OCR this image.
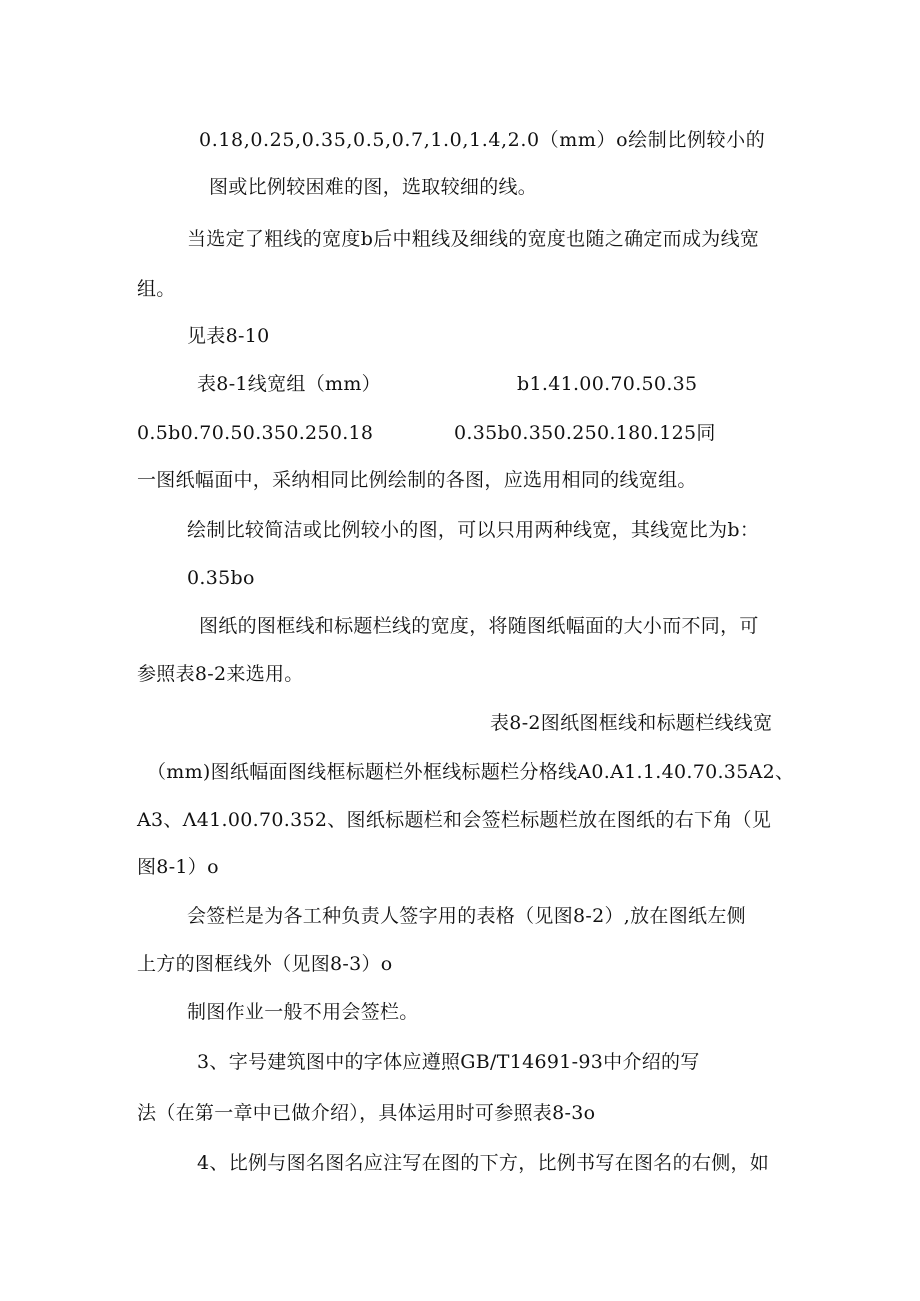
0.18,0.25,0.35,0.5,0.7,1.0,1.4,2.0（mm）o绘制比例较小的
图或比例较困难的图，选取较细的线。
当选定了粗线的宽度b后中粗线及细线的宽度也随之确定而成为线宽
组。
见表8-10
表8-1线宽组（mm）	b1.41.00.70.50.35
0.5b0.70.50.350.250.18	0.35b0.350.250.180.125同
一图纸幅面中，采纳相同比例绘制的各图，应选用相同的线宽组。
绘制比较简洁或比例较小的图，可以只用两种线宽，其线宽比为b：
0.35bo
图纸的图框线和标题栏线的宽度，将随图纸幅面的大小而不同，可
参照表8-2来选用。
表8-2图纸图框线和标题栏线线宽
（mm)图纸幅面图线框标题栏外框线标题栏分格线A0.A1.1.40.70.35A2、
A3、Λ41.00.70.352、图纸标题栏和会签栏标题栏放在图纸的右下角（见
图8-1）o
会签栏是为各工种负责人签字用的表格（见图8-2）,放在图纸左侧
上方的图框线外（见图8-3）o
制图作业一般不用会签栏。
3、字号建筑图中的字体应遵照GB/T14691-93中介绍的写
法（在第一章中已做介绍），具体运用时可参照表8-3o
4、比例与图名图名应注写在图的下方，比例书写在图名的右侧，如
